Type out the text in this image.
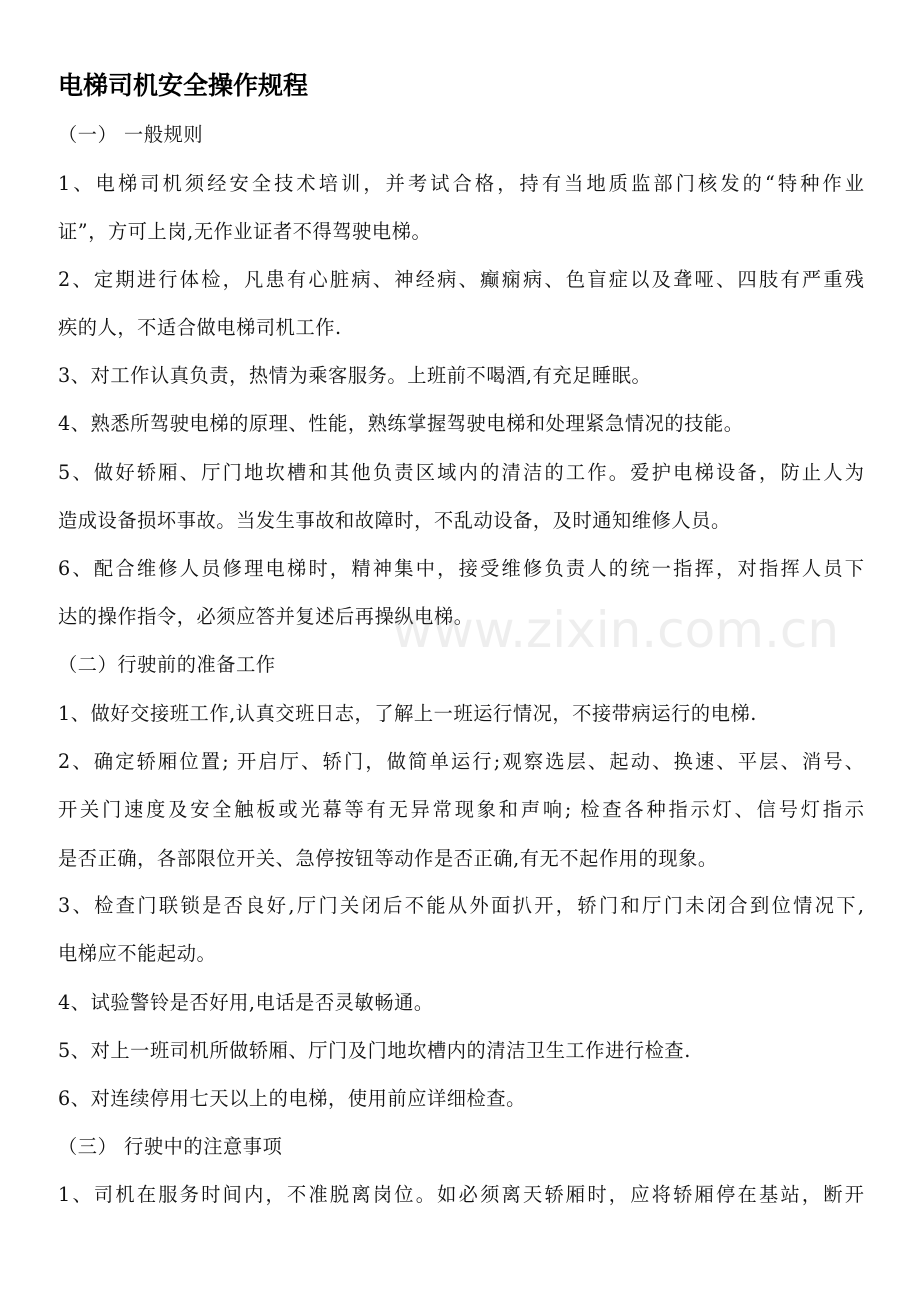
电梯司机安全操作规程
（一） 一般规则
1、电梯司机须经安全技术培训，并考试合格，持有当地质监部门核发的“特种作业
证”，方可上岗,无作业证者不得驾驶电梯。
2、定期进行体检，凡患有心脏病、神经病、癫痫病、色盲症以及聋哑、四肢有严重残
疾的人，不适合做电梯司机工作.
3、对工作认真负责，热情为乘客服务。上班前不喝酒,有充足睡眠。
4、熟悉所驾驶电梯的原理、性能，熟练掌握驾驶电梯和处理紧急情况的技能。
5、做好轿厢、厅门地坎槽和其他负责区域内的清洁的工作。爱护电梯设备，防止人为
造成设备损坏事故。当发生事故和故障时，不乱动设备，及时通知维修人员。
6、配合维修人员修理电梯时，精神集中，接受维修负责人的统一指挥，对指挥人员下
达的操作指令，必须应答并复述后再操纵电梯。
（二）行驶前的准备工作
1、做好交接班工作,认真交班日志，了解上一班运行情况，不接带病运行的电梯.
2、确定轿厢位置; 开启厅、轿门，做简单运行;观察选层、起动、换速、平层、消号、
开关门速度及安全触板或光幕等有无异常现象和声响; 检查各种指示灯、信号灯指示
是否正确，各部限位开关、急停按钮等动作是否正确,有无不起作用的现象。
3、检查门联锁是否良好,厅门关闭后不能从外面扒开，轿门和厅门未闭合到位情况下,
电梯应不能起动。
4、试验警铃是否好用,电话是否灵敏畅通。
5、对上一班司机所做轿厢、厅门及门地坎槽内的清洁卫生工作进行检查.
6、对连续停用七天以上的电梯，使用前应详细检查。
（三） 行驶中的注意事项
1、司机在服务时间内，不准脱离岗位。如必须离天轿厢时，应将轿厢停在基站，断开
www.zixin.com.cn
